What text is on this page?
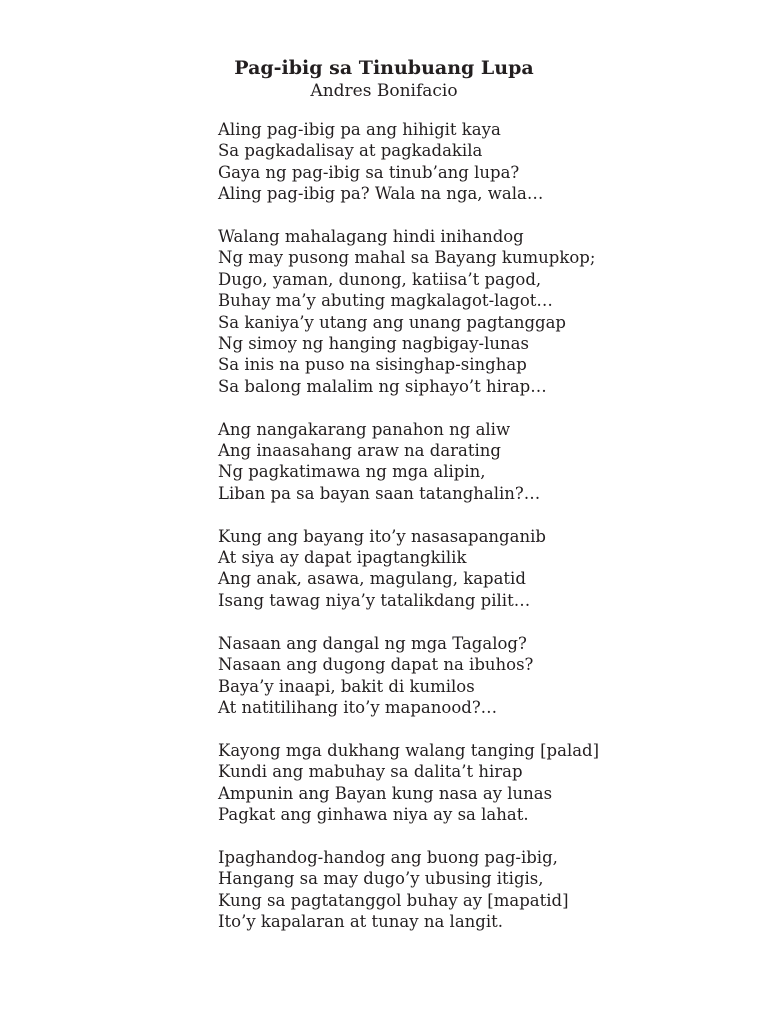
Pag-ibig sa Tinubuang Lupa
Andres Bonifacio
Aling pag-ibig pa ang hihigit kaya
Sa pagkadalisay at pagkadakila
Gaya ng pag-ibig sa tinub’ang lupa?
Aling pag-ibig pa? Wala na nga, wala…
Walang mahalagang hindi inihandog
Ng may pusong mahal sa Bayang kumupkop;
Dugo, yaman, dunong, katiisa’t pagod,
Buhay ma’y abuting magkalagot-lagot…
Sa kaniya’y utang ang unang pagtanggap
Ng simoy ng hanging nagbigay-lunas
Sa inis na puso na sisinghap-singhap
Sa balong malalim ng siphayo’t hirap…
Ang nangakarang panahon ng aliw
Ang inaasahang araw na darating
Ng pagkatimawa ng mga alipin,
Liban pa sa bayan saan tatanghalin?…
Kung ang bayang ito’y nasasapanganib
At siya ay dapat ipagtangkilik
Ang anak, asawa, magulang, kapatid
Isang tawag niya’y tatalikdang pilit…
Nasaan ang dangal ng mga Tagalog?
Nasaan ang dugong dapat na ibuhos?
Baya’y inaapi, bakit di kumilos
At natitilihang ito’y mapanood?…
Kayong mga dukhang walang tanging [palad]
Kundi ang mabuhay sa dalita’t hirap
Ampunin ang Bayan kung nasa ay lunas
Pagkat ang ginhawa niya ay sa lahat.
Ipaghandog-handog ang buong pag-ibig,
Hangang sa may dugo’y ubusing itigis,
Kung sa pagtatanggol buhay ay [mapatid]
Ito’y kapalaran at tunay na langit.
